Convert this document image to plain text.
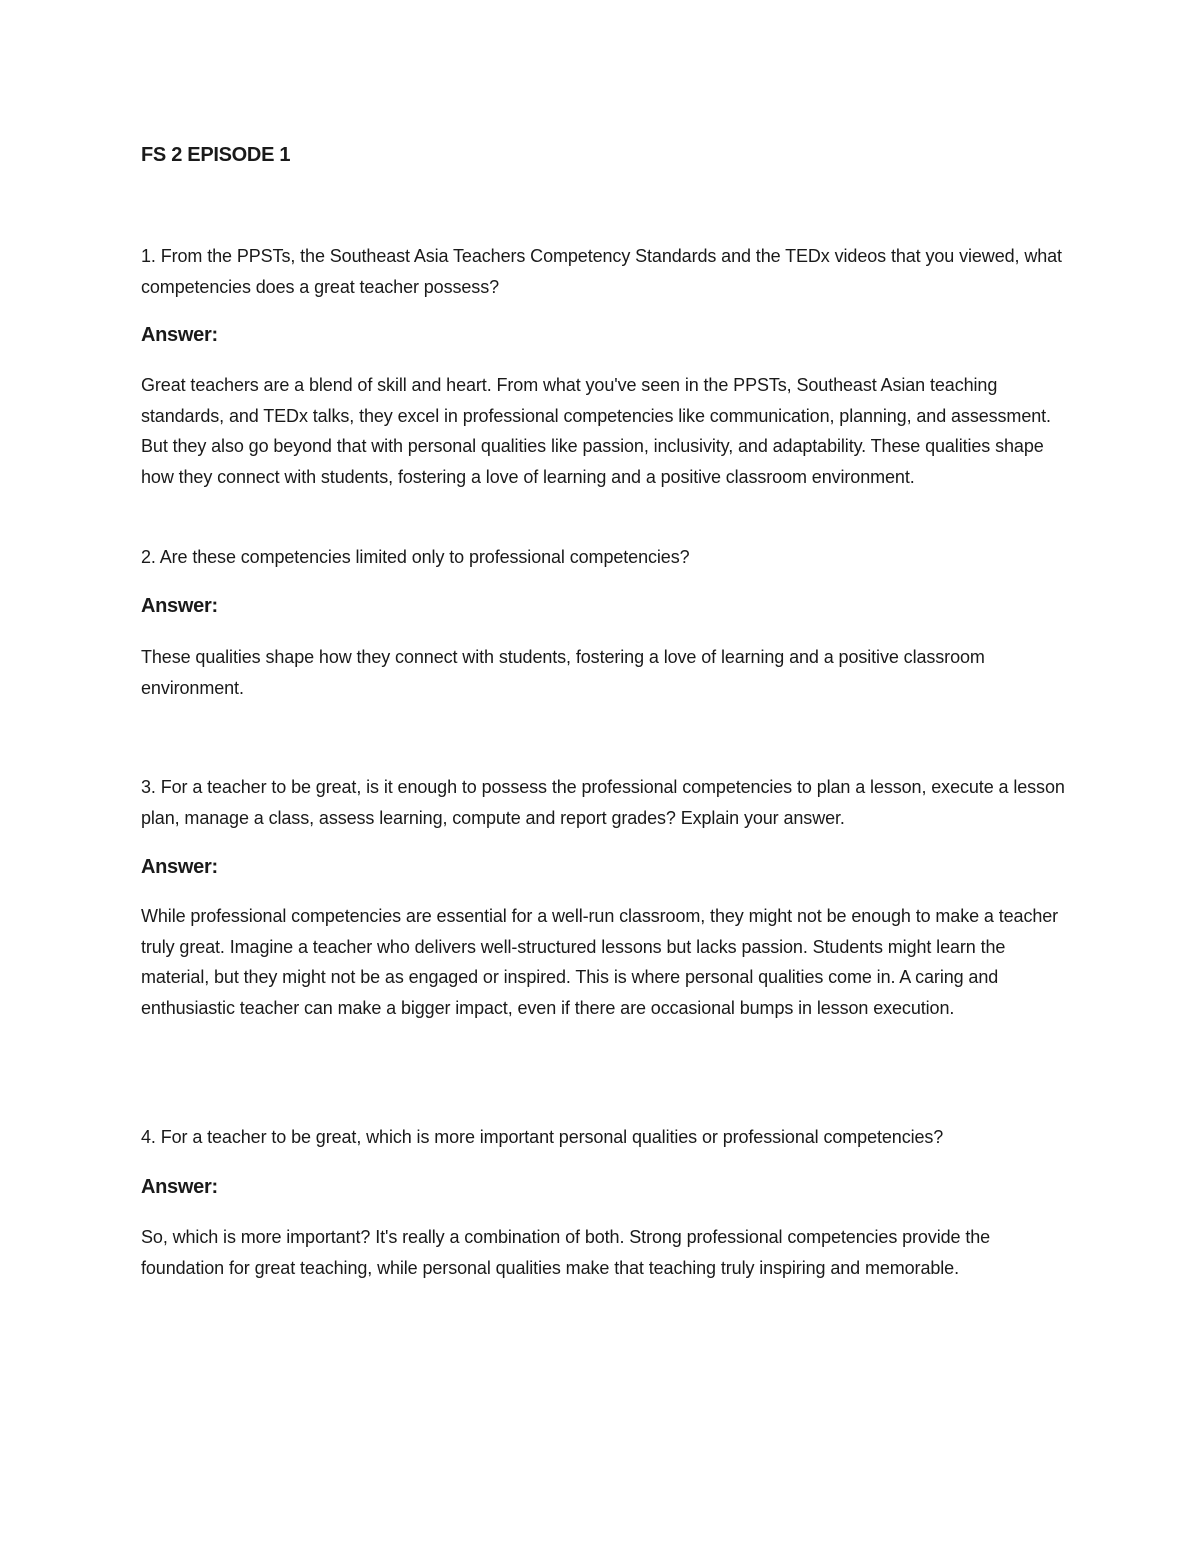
FS 2 EPISODE 1
1. From the PPSTs, the Southeast Asia Teachers Competency Standards and the TEDx videos that you viewed, what competencies does a great teacher possess?
Answer:
Great teachers are a blend of skill and heart. From what you've seen in the PPSTs, Southeast Asian teaching standards, and TEDx talks, they excel in professional competencies like communication, planning, and assessment. But they also go beyond that with personal qualities like passion, inclusivity, and adaptability. These qualities shape how they connect with students, fostering a love of learning and a positive classroom environment.
2. Are these competencies limited only to professional competencies?
Answer:
These qualities shape how they connect with students, fostering a love of learning and a positive classroom environment.
3. For a teacher to be great, is it enough to possess the professional competencies to plan a lesson, execute a lesson plan, manage a class, assess learning, compute and report grades? Explain your answer.
Answer:
While professional competencies are essential for a well-run classroom, they might not be enough to make a teacher truly great. Imagine a teacher who delivers well-structured lessons but lacks passion. Students might learn the material, but they might not be as engaged or inspired. This is where personal qualities come in. A caring and enthusiastic teacher can make a bigger impact, even if there are occasional bumps in lesson execution.
4. For a teacher to be great, which is more important personal qualities or professional competencies?
Answer:
So, which is more important? It's really a combination of both. Strong professional competencies provide the foundation for great teaching, while personal qualities make that teaching truly inspiring and memorable.
